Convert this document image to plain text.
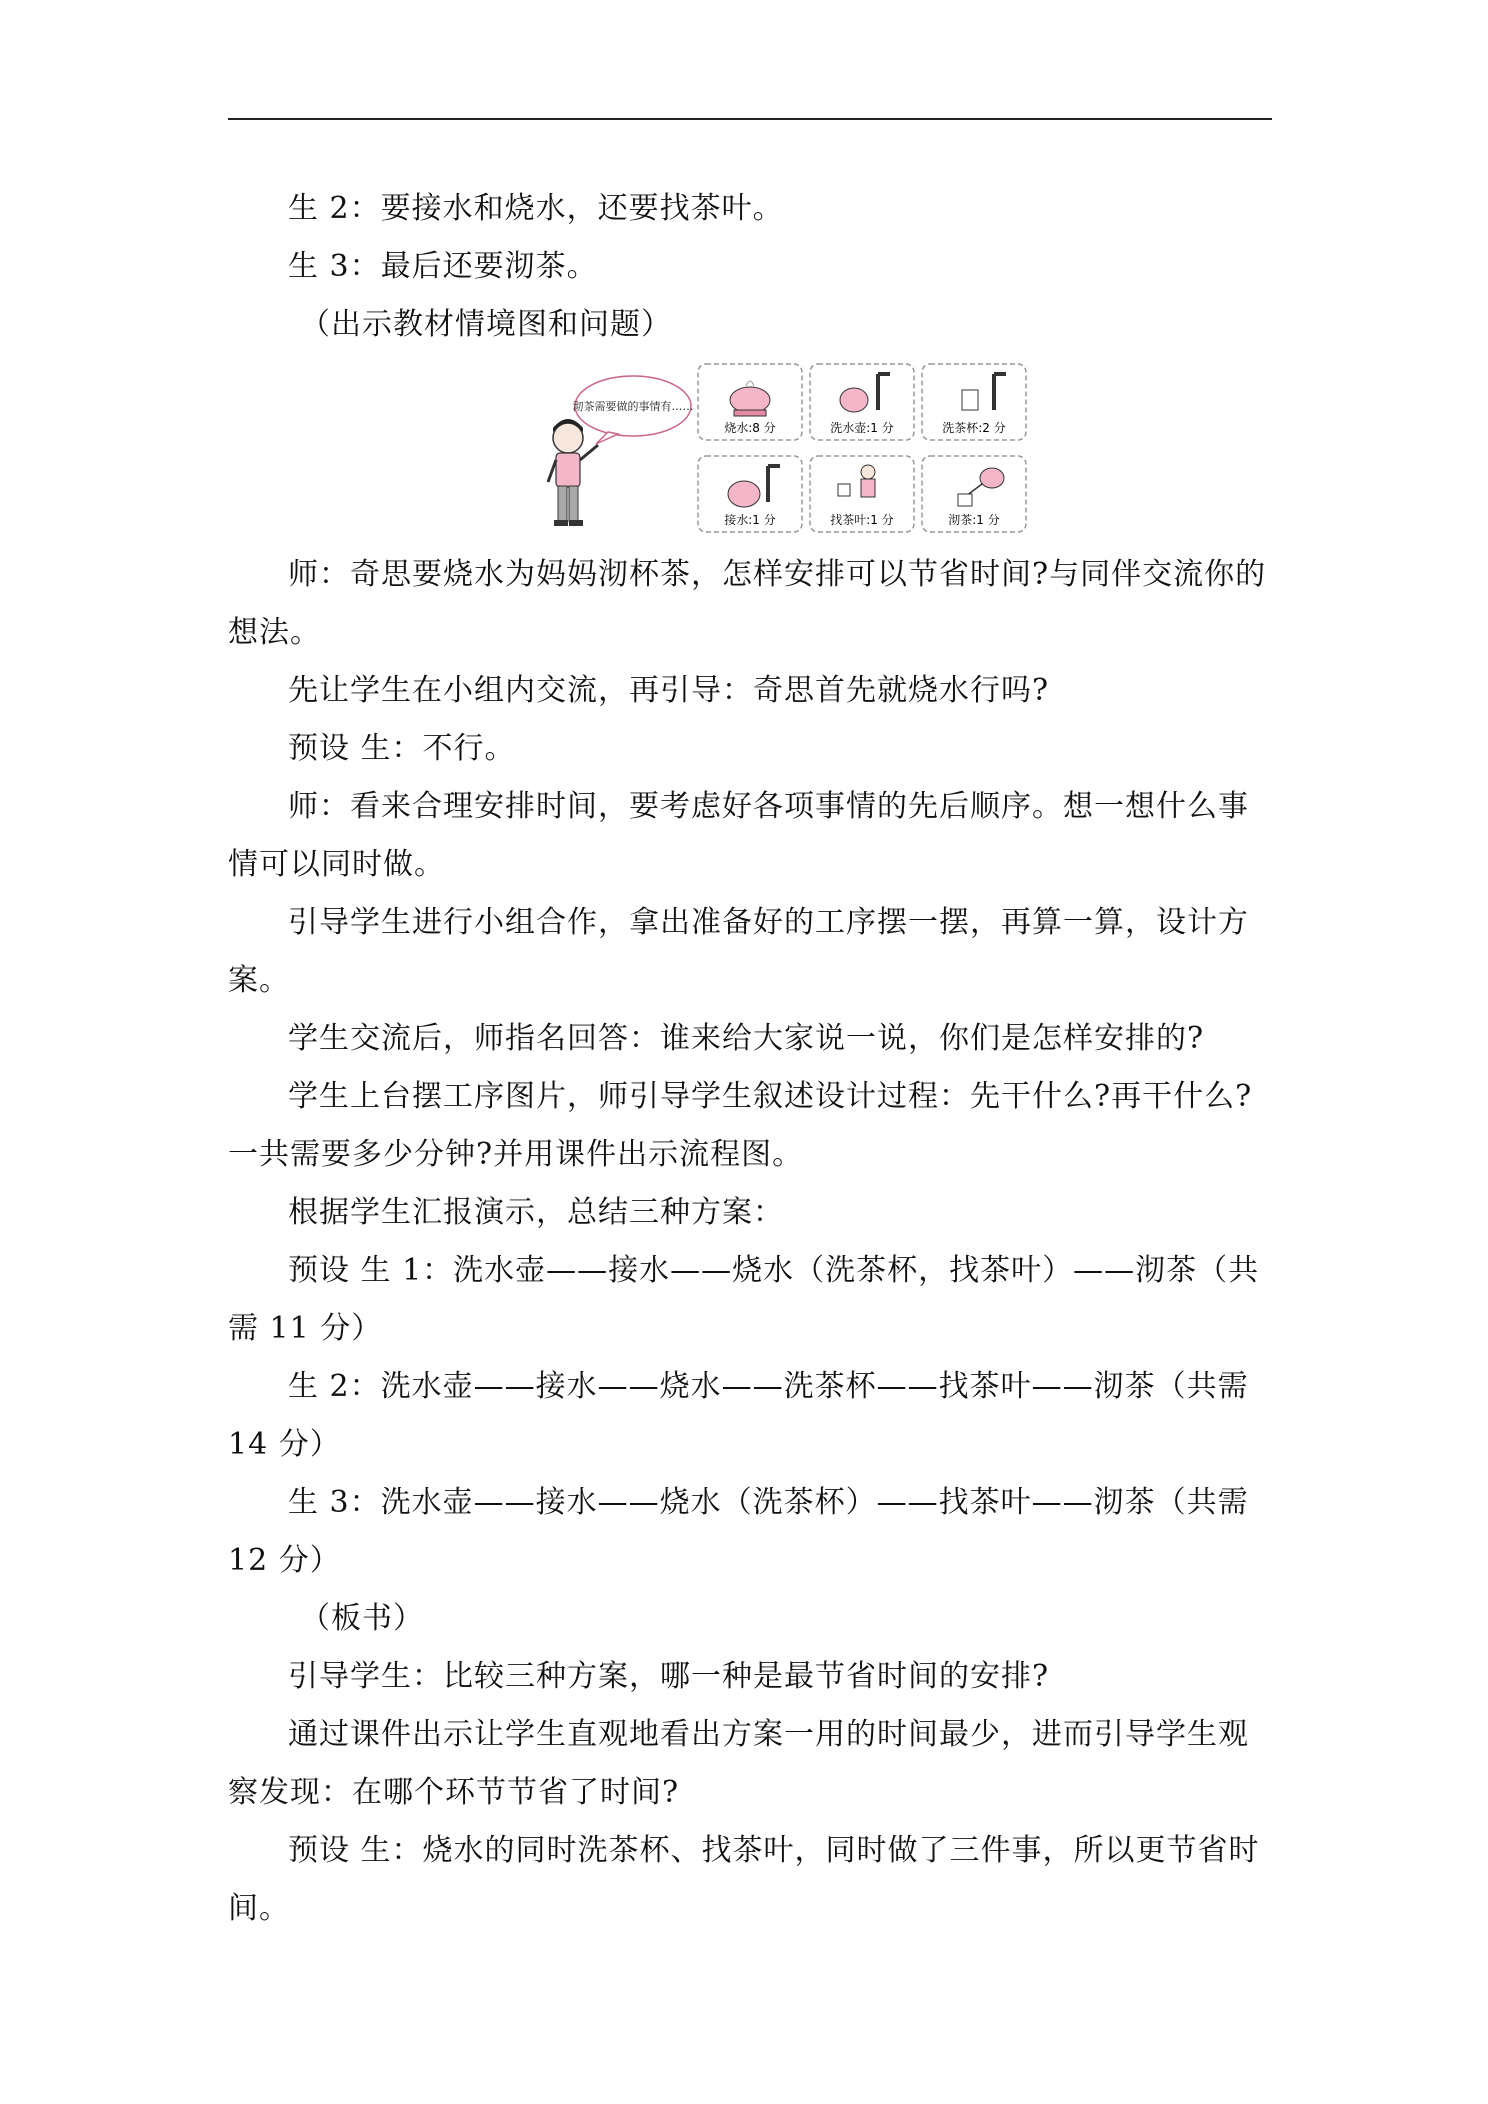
生 2：要接水和烧水，还要找茶叶。

生 3：最后还要沏茶。

（出示教材情境图和问题）

沏茶需要做的事情有……
烧水:8 分	洗水壶:1 分	洗茶杯:2 分
接水:1 分	找茶叶:1 分	沏茶:1 分

师：奇思要烧水为妈妈沏杯茶，怎样安排可以节省时间?与同伴交流你的想法。

先让学生在小组内交流，再引导：奇思首先就烧水行吗?

预设 生：不行。

师：看来合理安排时间，要考虑好各项事情的先后顺序。想一想什么事情可以同时做。

引导学生进行小组合作，拿出准备好的工序摆一摆，再算一算，设计方案。

学生交流后，师指名回答：谁来给大家说一说，你们是怎样安排的?

学生上台摆工序图片，师引导学生叙述设计过程：先干什么?再干什么?一共需要多少分钟?并用课件出示流程图。

根据学生汇报演示，总结三种方案：

预设 生 1：洗水壶——接水——烧水（洗茶杯，找茶叶）——沏茶（共需 11 分）

生 2：洗水壶——接水——烧水——洗茶杯——找茶叶——沏茶（共需 14 分）

生 3：洗水壶——接水——烧水（洗茶杯）——找茶叶——沏茶（共需 12 分）

（板书）

引导学生：比较三种方案，哪一种是最节省时间的安排?

通过课件出示让学生直观地看出方案一用的时间最少，进而引导学生观察发现：在哪个环节节省了时间?

预设 生：烧水的同时洗茶杯、找茶叶，同时做了三件事，所以更节省时间。
